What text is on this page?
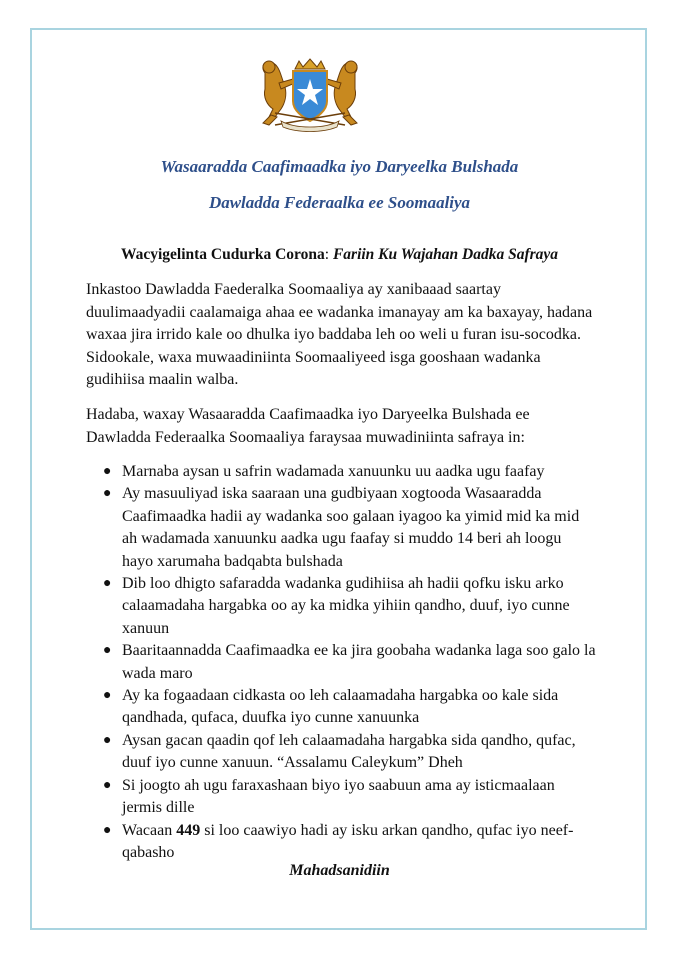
Wasaaradda Caafimaadka iyo Daryeelka Bulshada
Dawladda Federaalka ee Soomaaliya
Wacyigelinta Cudurka Corona: Fariin Ku Wajahan Dadka Safraya
Inkastoo Dawladda Faederalka Soomaaliya ay xanibaaad saartay duulimaadyadii caalamaiga ahaa ee wadanka imanayay am ka baxayay, hadana waxaa jira irrido kale oo dhulka iyo baddaba leh oo weli u furan isu-socodka. Sidookale, waxa muwaadiniinta Soomaaliyeed isga gooshaan wadanka gudihiisa maalin walba.
Hadaba, waxay Wasaaradda Caafimaadka iyo Daryeelka Bulshada ee Dawladda Federaalka Soomaaliya faraysaa muwadiniinta safraya in:
● Marnaba aysan u safrin wadamada xanuunku uu aadka ugu faafay
● Ay masuuliyad iska saaraan una gudbiyaan xogtooda Wasaaradda Caafimaadka hadii ay wadanka soo galaan iyagoo ka yimid mid ka mid ah wadamada xanuunku aadka ugu faafay si muddo 14 beri ah loogu hayo xarumaha badqabta bulshada
● Dib loo dhigto safaradda wadanka gudihiisa ah hadii qofku isku arko calaamadaha hargabka oo ay ka midka yihiin qandho, duuf, iyo cunne xanuun
● Baaritaannadda Caafimaadka ee ka jira goobaha wadanka laga soo galo la wada maro
● Ay ka fogaadaan cidkasta oo leh calaamadaha hargabka oo kale sida qandhada, qufaca, duufka iyo cunne xanuunka
● Aysan gacan qaadin qof leh calaamadaha hargabka sida qandho, qufac, duuf iyo cunne xanuun. “Assalamu Caleykum” Dheh
● Si joogto ah ugu faraxashaan biyo iyo saabuun ama ay isticmaalaan jermis dille
● Wacaan 449 si loo caawiyo hadi ay isku arkan qandho, qufac iyo neef-qabasho
Mahadsanidiin
